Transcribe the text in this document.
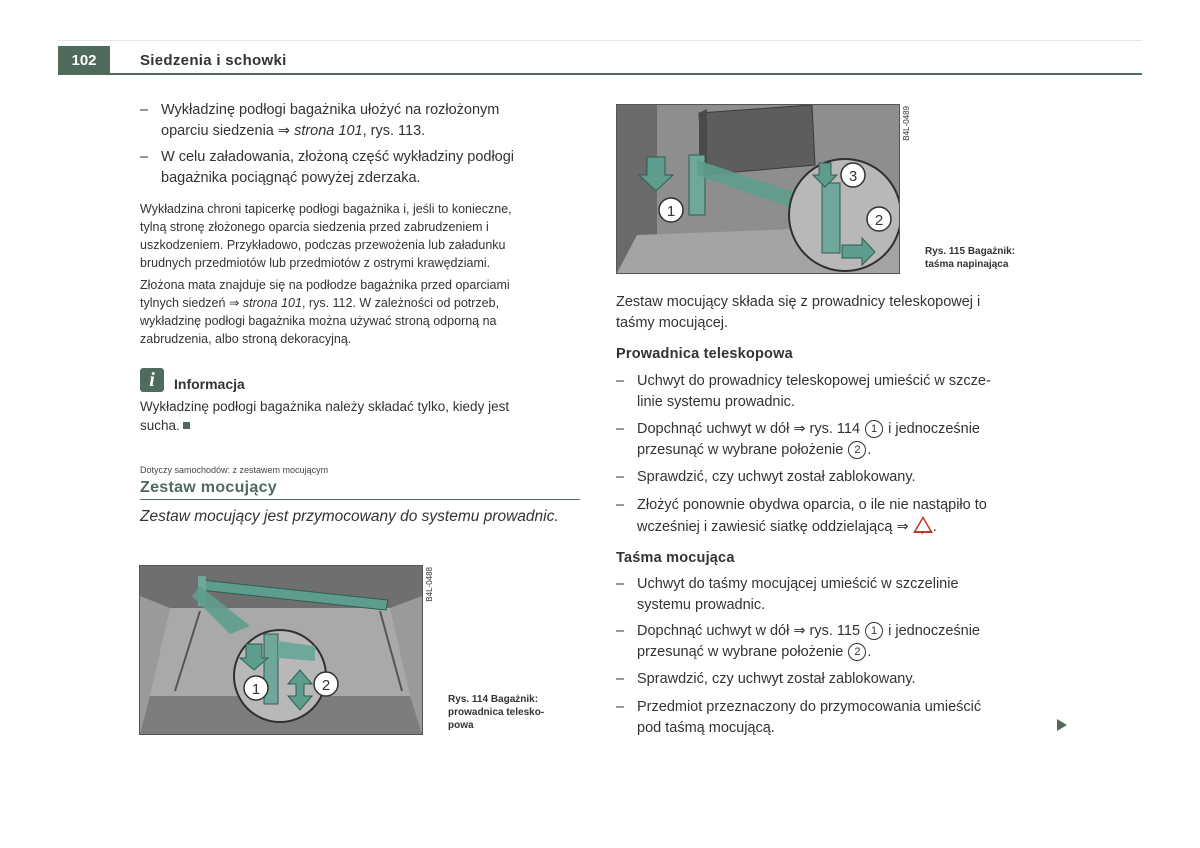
102	Siedzenia i schowki
– Wykładzinę podłogi bagażnika ułożyć na rozłożonym
oparciu siedzenia ⇒ strona 101, rys. 113.
– W celu załadowania, złożoną część wykładziny podłogi
bagażnika pociągnąć powyżej zderzaka.
Wykładzina chroni tapicerkę podłogi bagażnika i, jeśli to konieczne,
tylną stronę złożonego oparcia siedzenia przed zabrudzeniem i
uszkodzeniem. Przykładowo, podczas przewożenia lub załadunku
brudnych przedmiotów lub przedmiotów z ostrymi krawędziami.
Złożona mata znajduje się na podłodze bagażnika przed oparciami
tylnych siedzeń ⇒ strona 101, rys. 112. W zależności od potrzeb,
wykładzinę podłogi bagażnika można używać stroną odporną na
zabrudzenia, albo stroną dekoracyjną.
i	Informacja
Wykładzinę podłogi bagażnika należy składać tylko, kiedy jest
sucha.
Dotyczy samochodów: z zestawem mocującym
Zestaw mocujący
Zestaw mocujący jest przymocowany do systemu prowadnic.
1	2
B4L-0488
Rys. 114 Bagażnik:
prowadnica telesko-
powa
1
2
3
B4L-0489
Rys. 115 Bagażnik:
taśma napinająca
Zestaw mocujący składa się z prowadnicy teleskopowej i
taśmy mocującej.
Prowadnica teleskopowa
– Uchwyt do prowadnicy teleskopowej umieścić w szcze-
linie systemu prowadnic.
– Dopchnąć uchwyt w dół ⇒ rys. 114 1 i jednocześnie
przesunąć w wybrane położenie 2 .
– Sprawdzić, czy uchwyt został zablokowany.
– Złożyć ponownie obydwa oparcia, o ile nie nastąpiło to
wcześniej i zawiesić siatkę oddzielającą ⇒ ! .
Taśma mocująca
– Uchwyt do taśmy mocującej umieścić w szczelinie
systemu prowadnic.
– Dopchnąć uchwyt w dół ⇒ rys. 115 1 i jednocześnie
przesunąć w wybrane położenie 2 .
– Sprawdzić, czy uchwyt został zablokowany.
– Przedmiot przeznaczony do przymocowania umieścić
pod taśmą mocującą.
